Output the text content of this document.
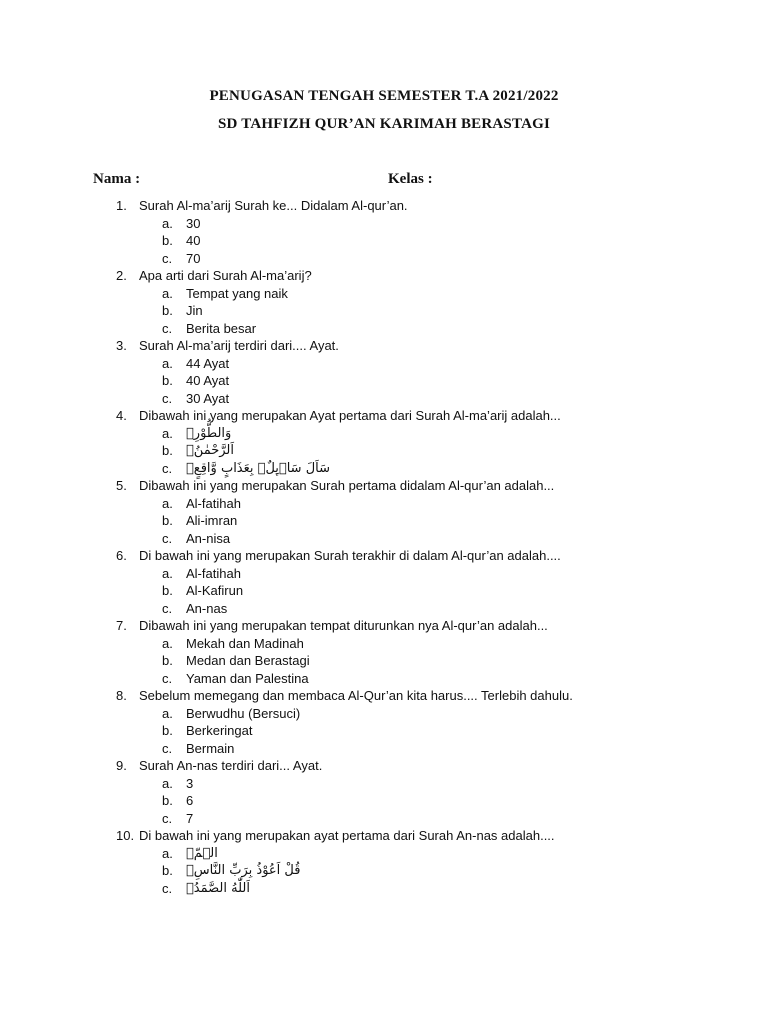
PENUGASAN TENGAH SEMESTER T.A 2021/2022
SD TAHFIZH QUR’AN KARIMAH BERASTAGI
Nama :	Kelas :
1. Surah Al-ma’arij Surah ke... Didalam Al-qur’an.
a. 30
b. 40
c. 70
2. Apa arti dari Surah Al-ma’arij?
a. Tempat yang naik
b. Jin
c. Berita besar
3. Surah Al-ma’arij terdiri dari.... Ayat.
a. 44 Ayat
b. 40 Ayat
c. 30 Ayat
4. Dibawah ini yang merupakan Ayat pertama dari Surah Al-ma’arij adalah...
a. وَالطُّوْرِۙ
b. اَلرَّحْمٰنُۙ
c. سَاَلَ سَاۤىِٕلٌۢ بِعَذَابٍ وَّاقِعٍۙ
5. Dibawah ini yang merupakan Surah pertama didalam Al-qur’an adalah...
a. Al-fatihah
b. Ali-imran
c. An-nisa
6. Di bawah ini yang merupakan Surah terakhir di dalam Al-qur’an adalah....
a. Al-fatihah
b. Al-Kafirun
c. An-nas
7. Dibawah ini yang merupakan tempat diturunkan nya Al-qur’an adalah...
a. Mekah dan Madinah
b. Medan dan Berastagi
c. Yaman dan Palestina
8. Sebelum memegang dan membaca Al-Qur’an kita harus.... Terlebih dahulu.
a. Berwudhu (Bersuci)
b. Berkeringat
c. Bermain
9. Surah An-nas terdiri dari... Ayat.
a. 3
b. 6
c. 7
10. Di bawah ini yang merupakan ayat pertama dari Surah An-nas adalah....
a. الۤمّۤ
b. قُلْ اَعُوْذُ بِرَبِّ النَّاسِۙ
c. اَللّٰهُ الصَّمَدُۚ
